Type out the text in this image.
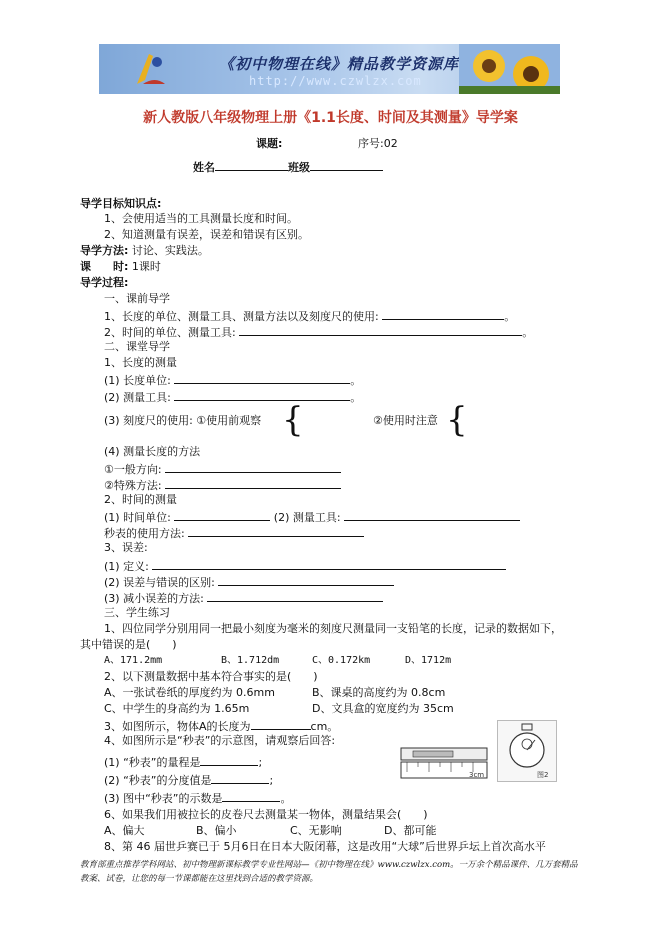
《初中物理在线》精品教学资源库
http://www.czwlzx.com
新人教版八年级物理上册《1.1长度、时间及其测量》导学案
课题:	序号:02
姓名	班级
导学目标知识点:
1、会使用适当的工具测量长度和时间。
2、知道测量有误差，误差和错误有区别。
导学方法: 讨论、实践法。
课　　时: 1课时
导学过程:
一、课前导学
1、长度的单位、测量工具、测量方法以及刻度尺的使用:	。
2、时间的单位、测量工具:	。
二、课堂导学
1、长度的测量
(1) 长度单位:	。
(2) 测量工具:	。
(3) 刻度尺的使用: ①使用前观察 {	②使用时注意 {
(4) 测量长度的方法
①一般方向:
②特殊方法:
2、时间的测量
(1) 时间单位:	(2) 测量工具:
秒表的使用方法:
3、误差:
(1) 定义:
(2) 误差与错误的区别:
(3) 减小误差的方法:
三、学生练习
1、四位同学分别用同一把最小刻度为毫米的刻度尺测量同一支铅笔的长度，记录的数据如下，
其中错误的是(　　)
A、171.2mm	B、1.712dm	C、0.172km	D、1712m
2、以下测量数据中基本符合事实的是(　　)
A、一张试卷纸的厚度约为 0.6mm	B、课桌的高度约为 0.8cm
C、中学生的身高约为 1.65m	D、文具盒的宽度约为 35cm
3、如图所示，物体A的长度为	cm。
4、如图所示是“秒表”的示意图，请观察后回答:
(1) “秒表”的量程是	;
(2) “秒表”的分度值是	;
(3) 图中“秒表”的示数是	。
3cm	图2
6、如果我们用被拉长的皮卷尺去测量某一物体，测量结果会(　　)
A、偏大	B、偏小	C、无影响	D、都可能
8、第 46 届世乒赛已于 5月6日在日本大阪闭幕，这是改用“大球”后世界乒坛上首次高水平
教育部重点推荐学科网站、初中物理新课标教学专业性网站—《初中物理在线》www.czwlzx.com。一万余个精品课件、几万套精品教案、试卷，让您的每一节课都能在这里找到合适的教学资源。
